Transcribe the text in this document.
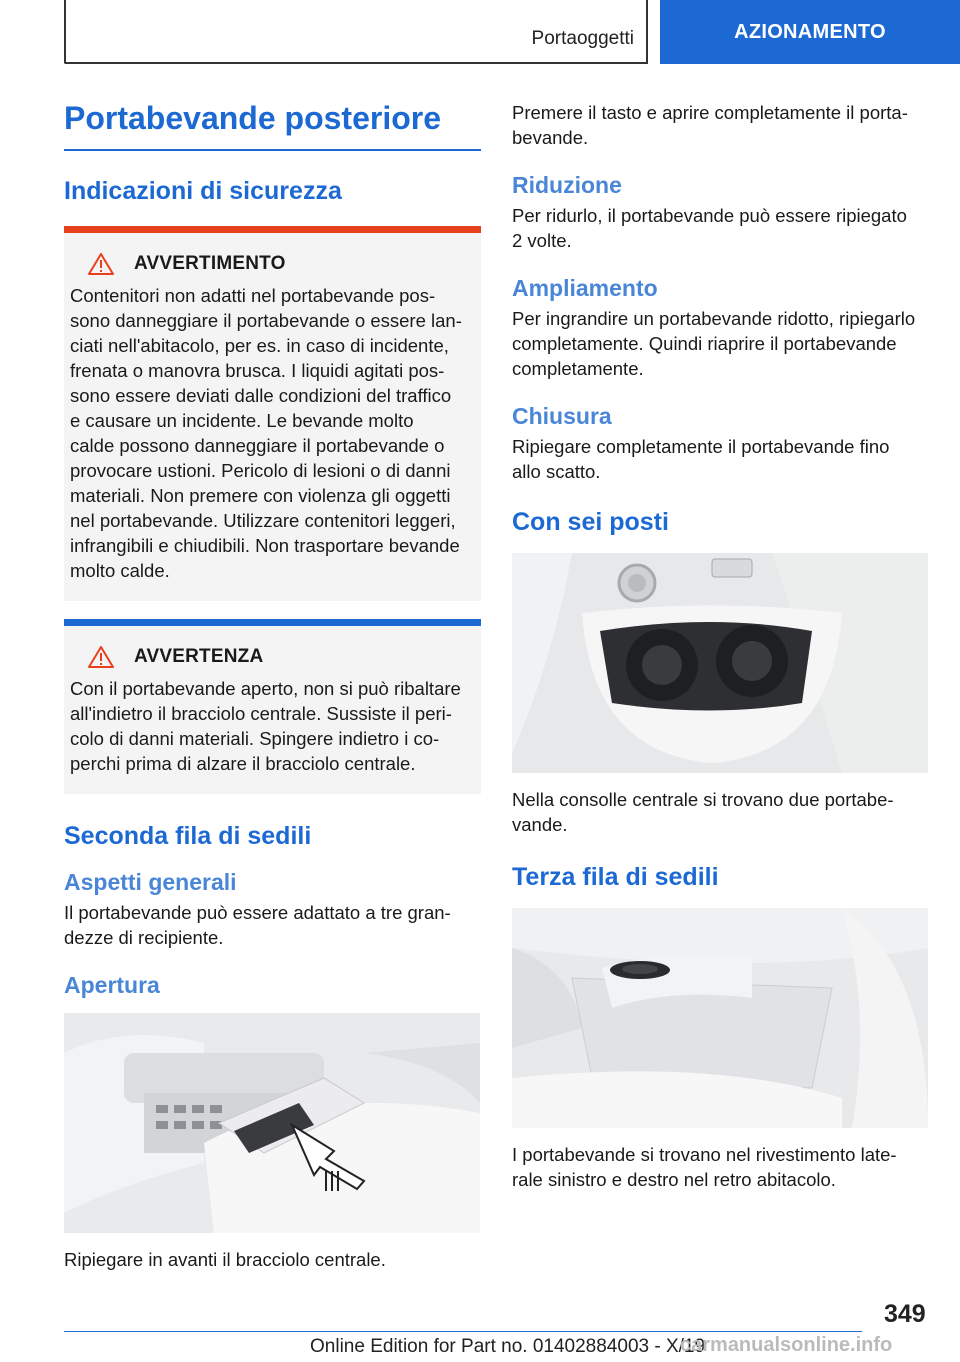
Portaoggetti	AZIONAMENTO
Portabevande posteriore
Indicazioni di sicurezza
AVVERTIMENTO

Contenitori non adatti nel portabevande pos-

sono danneggiare il portabevande o essere lan-

ciati nell'abitacolo, per es. in caso di incidente,

frenata o manovra brusca. I liquidi agitati pos-

sono essere deviati dalle condizioni del traffico

e causare un incidente. Le bevande molto

calde possono danneggiare il portabevande o

provocare ustioni. Pericolo di lesioni o di danni

materiali. Non premere con violenza gli oggetti

nel portabevande. Utilizzare contenitori leggeri,

infrangibili e chiudibili. Non trasportare bevande

molto calde.

AVVERTENZA

Con il portabevande aperto, non si può ribaltare

all'indietro il bracciolo centrale. Sussiste il peri-

colo di danni materiali. Spingere indietro i co-

perchi prima di alzare il bracciolo centrale.

Seconda fila di sedili
Aspetti generali

Il portabevande può essere adattato a tre gran-

dezze di recipiente.

Apertura

Ripiegare in avanti il bracciolo centrale.

Premere il tasto e aprire completamente il porta-

bevande.

Riduzione

Per ridurlo, il portabevande può essere ripiegato

2 volte.

Ampliamento

Per ingrandire un portabevande ridotto, ripiegarlo

completamente. Quindi riaprire il portabevande

completamente.

Chiusura

Ripiegare completamente il portabevande fino

allo scatto.

Con sei posti

Nella consolle centrale si trovano due portabe-

vande.

Terza fila di sedili

I portabevande si trovano nel rivestimento late-

rale sinistro e destro nel retro abitacolo.

349
Online Edition for Part no. 01402884003 - X/19
carmanualsonline.info
